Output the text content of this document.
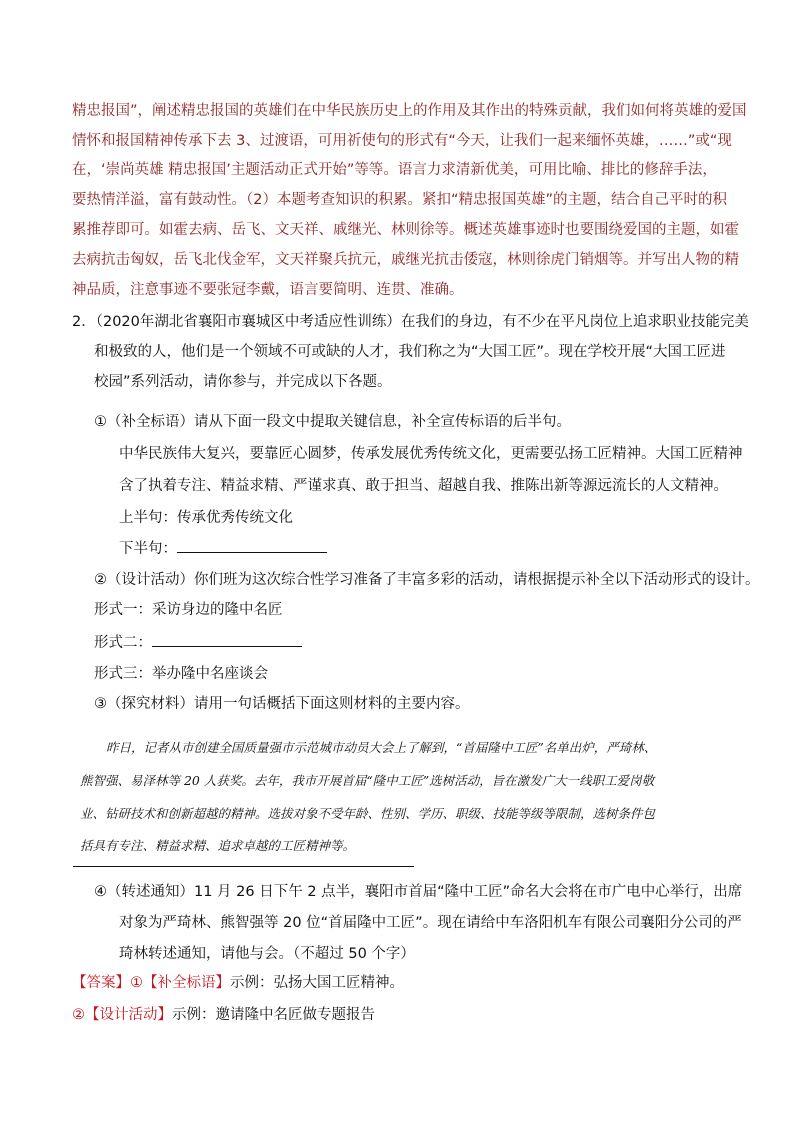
精忠报国”，阐述精忠报国的英雄们在中华民族历史上的作用及其作出的特殊贡献，我们如何将英雄的爱国

情怀和报国精神传承下去 3、过渡语，可用祈使句的形式有“今天，让我们一起来缅怀英雄，……”或“现

在，‘崇尚英雄 精忠报国’主题活动正式开始”等等。语言力求清新优美，可用比喻、排比的修辞手法，

要热情洋溢，富有鼓动性。（2）本题考查知识的积累。紧扣“精忠报国英雄”的主题，结合自己平时的积

累推荐即可。如霍去病、岳飞、文天祥、戚继光、林则徐等。概述英雄事迹时也要围绕爱国的主题，如霍

去病抗击匈奴，岳飞北伐金军，文天祥聚兵抗元，戚继光抗击倭寇，林则徐虎门销烟等。并写出人物的精

神品质，注意事迹不要张冠李戴，语言要简明、连贯、准确。

2．（2020年湖北省襄阳市襄城区中考适应性训练）在我们的身边，有不少在平凡岗位上追求职业技能完美

和极致的人，他们是一个领域不可或缺的人才，我们称之为“大国工匠”。现在学校开展“大国工匠进

校园”系列活动，请你参与，并完成以下各题。

①（补全标语）请从下面一段文中提取关键信息，补全宣传标语的后半句。

中华民族伟大复兴，要靠匠心圆梦，传承发展优秀传统文化，更需要弘扬工匠精神。大国工匠精神

含了执着专注、精益求精、严谨求真、敢于担当、超越自我、推陈出新等源远流长的人文精神。

上半句：传承优秀传统文化

下半句：

②（设计活动）你们班为这次综合性学习准备了丰富多彩的活动，请根据提示补全以下活动形式的设计。

形式一：采访身边的隆中名匠

形式二：

形式三：举办隆中名座谈会

③（探究材料）请用一句话概括下面这则材料的主要内容。

昨日，记者从市创建全国质量强市示范城市动员大会上了解到，“首届隆中工匠”名单出炉，严琦林、

熊智强、易泽林等 20 人获奖。去年，我市开展首届“隆中工匠”选树活动，旨在激发广大一线职工爱岗敬

业、钻研技术和创新超越的精神。选拔对象不受年龄、性别、学历、职级、技能等级等限制，选树条件包

括具有专注、精益求精、追求卓越的工匠精神等。

④（转述通知）11 月 26 日下午 2 点半，襄阳市首届“隆中工匠”命名大会将在市广电中心举行，出席

对象为严琦林、熊智强等 20 位“首届隆中工匠”。现在请给中车洛阳机车有限公司襄阳分公司的严

琦林转述通知，请他与会。（不超过 50 个字）

【答案】①【补全标语】示例：弘扬大国工匠精神。

②【设计活动】示例：邀请隆中名匠做专题报告
